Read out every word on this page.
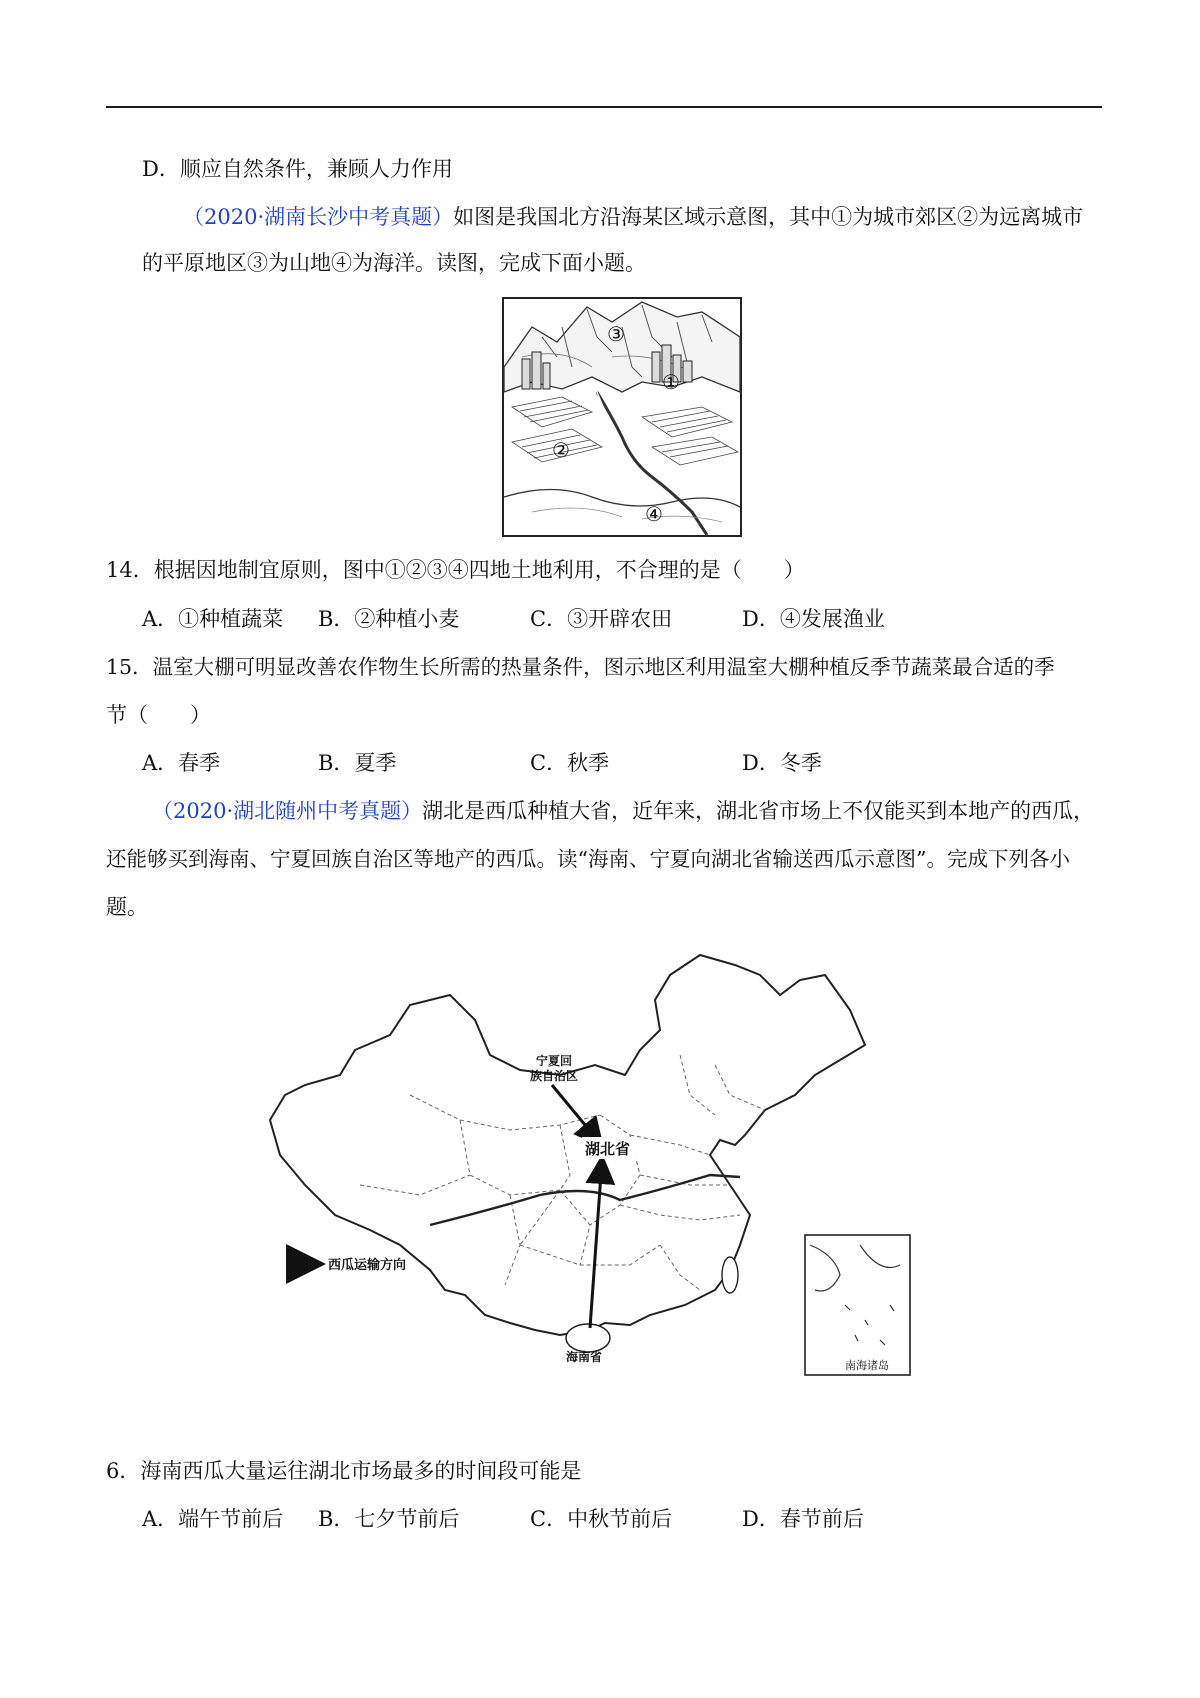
D．顺应自然条件，兼顾人力作用
（2020·湖南长沙中考真题）如图是我国北方沿海某区域示意图，其中①为城市郊区②为远离城市
的平原地区③为山地④为海洋。读图，完成下面小题。
③
①
②
④
14．根据因地制宜原则，图中①②③④四地土地利用，不合理的是（　　）
A．①种植蔬菜 B．②种植小麦	C．③开辟农田	D．④发展渔业
15．温室大棚可明显改善农作物生长所需的热量条件，图示地区利用温室大棚种植反季节蔬菜最合适的季
节（　　）
A．春季	B．夏季	C．秋季	D．冬季
（2020·湖北随州中考真题）湖北是西瓜种植大省，近年来，湖北省市场上不仅能买到本地产的西瓜，
还能够买到海南、宁夏回族自治区等地产的西瓜。读“海南、宁夏向湖北省输送西瓜示意图”。完成下列各小
题。
宁夏回
族自治区
湖北省
海南省
西瓜运输方向
南海诸岛
6．海南西瓜大量运往湖北市场最多的时间段可能是
A．端午节前后 B．七夕节前后	C．中秋节前后	D．春节前后
